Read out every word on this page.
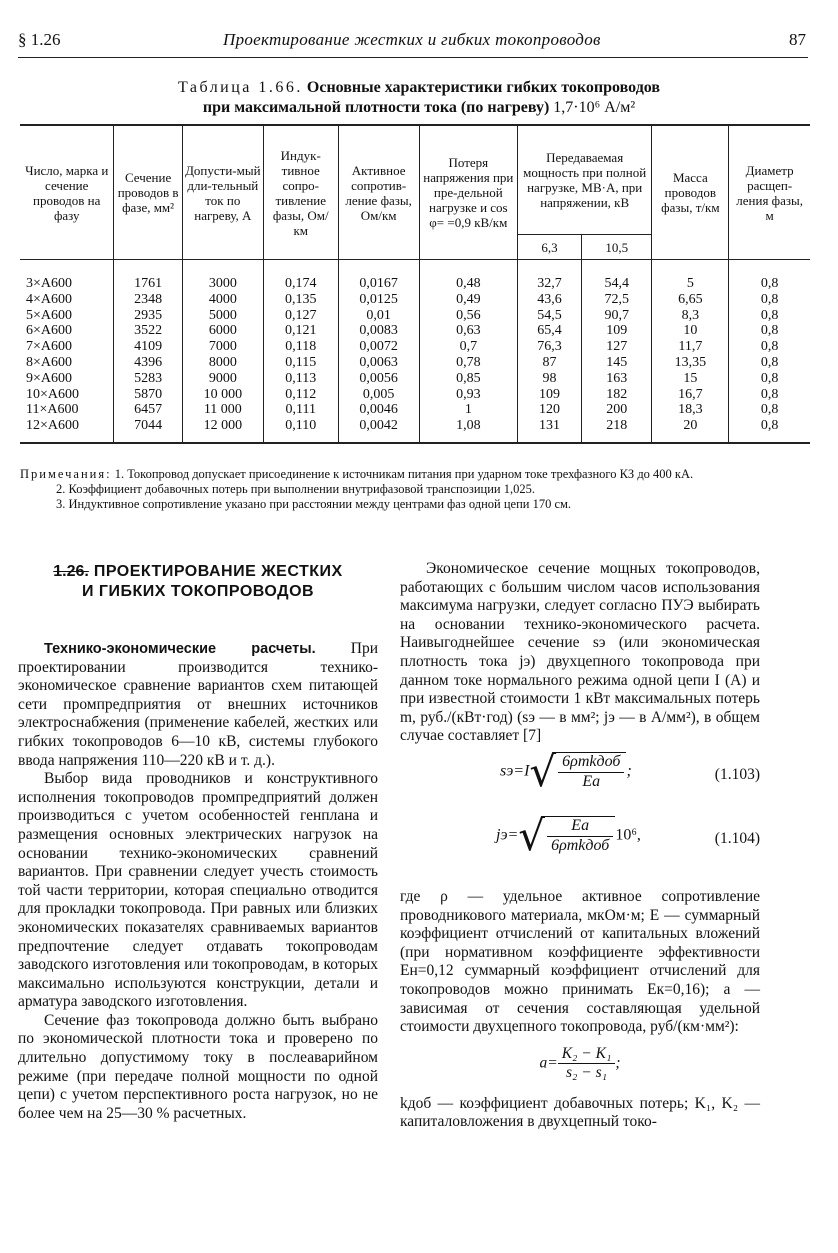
§ 1.26	Проектирование жестких и гибких токопроводов	87
Таблица 1.66. Основные характеристики гибких токопроводов
при максимальной плотности тока (по нагреву) 1,7·10⁶ А/м²
Число, марка и сечение проводов на фазу	Сечение проводов в фазе, мм²	Допусти-мый дли-тельный ток по нагреву, А	Индук-тивное сопро-тивление фазы, Ом/км	Активное сопротив-ление фазы, Ом/км	Потеря напряжения при пре-дельной нагрузке и cos φ= =0,9 кВ/км	Передаваемая мощность при полной нагрузке, МВ·А, при напряжении, кВ		Масса проводов фазы, т/км	Диаметр расщеп-ления фазы, м
						6,3	10,5		

3×А600	1761	3000	0,174	0,0167	0,48	32,7	54,4	5	0,8
4×А600	2348	4000	0,135	0,0125	0,49	43,6	72,5	6,65	0,8
5×А600	2935	5000	0,127	0,01	0,56	54,5	90,7	8,3	0,8
6×А600	3522	6000	0,121	0,0083	0,63	65,4	109	10	0,8
7×А600	4109	7000	0,118	0,0072	0,7	76,3	127	11,7	0,8
8×А600	4396	8000	0,115	0,0063	0,78	87	145	13,35	0,8
9×А600	5283	9000	0,113	0,0056	0,85	98	163	15	0,8
10×А600	5870	10 000	0,112	0,005	0,93	109	182	16,7	0,8
11×А600	6457	11 000	0,111	0,0046	1	120	200	18,3	0,8
12×А600	7044	12 000	0,110	0,0042	1,08	131	218	20	0,8

Примечания: 1. Токопровод допускает присоединение к источникам питания при ударном токе трехфазного КЗ до 400 кА.

2. Коэффициент добавочных потерь при выполнении внутрифазовой транспозиции 1,025.

3. Индуктивное сопротивление указано при расстоянии между центрами фаз одной цепи 170 см.

1.26. ПРОЕКТИРОВАНИЕ ЖЕСТКИХ
И ГИБКИХ ТОКОПРОВОДОВ

Технико-экономические расчеты. При проектировании производится технико-экономическое сравнение вариантов схем питающей сети промпредприятия от внешних источников электроснабжения (применение кабелей, жестких или гибких токопроводов 6—10 кВ, системы глубокого ввода напряжения 110—220 кВ и т. д.).

Выбор вида проводников и конструктивного исполнения токопроводов промпредприятий должен производиться с учетом особенностей генплана и размещения основных электрических нагрузок на основании технико-экономических сравнений вариантов. При сравнении следует учесть стоимость той части территории, которая специально отводится для прокладки токопровода. При равных или близких экономических показателях сравниваемых вариантов предпочтение следует отдавать токопроводам заводского изготовления или токопроводам, в которых максимально используются конструкции, детали и арматура заводского изготовления.

Сечение фаз токопровода должно быть выбрано по экономической плотности тока и проверено по длительно допустимому току в послеаварийном режиме (при передаче полной мощности по одной цепи) с учетом перспективного роста нагрузок, но не более чем на 25—30 % расчетных.

Экономическое сечение мощных токопроводов, работающих с большим числом часов использования максимума нагрузки, следует согласно ПУЭ выбирать на основании технико-экономического расчета. Наивыгоднейшее сечение sэ (или экономическая плотность тока jэ) двухцепного токопровода при данном токе нормального режима одной цепи I (А) и при известной стоимости 1 кВт максимальных потерь m, руб./(кВт·год) (sэ — в мм²; jэ — в А/мм²), в общем случае составляет [7]

$sэ=I√ \frac{\text{6ρmkдоб}}{Ea}$ ;	(1.103)
$jэ=√ \frac{Ea}{\text{6ρmkдоб}} 10^6$,	(1.104)

где ρ — удельное активное сопротивление проводникового материала, мкОм·м; E — суммарный коэффициент отчислений от капитальных вложений (при нормативном коэффициенте эффективности Eн=0,12 суммарный коэффициент отчислений для токопроводов можно принимать Eк=0,16); a — зависимая от сечения составляющая удельной стоимости двухцепного токопровода, руб/(км·мм²):

$a= \frac{\text{K₂ − K₁}}{\text{s₂ − s₁}}$ ;

kдоб — коэффициент добавочных потерь; K₁, K₂ — капиталовложения в двухцепный токо-
